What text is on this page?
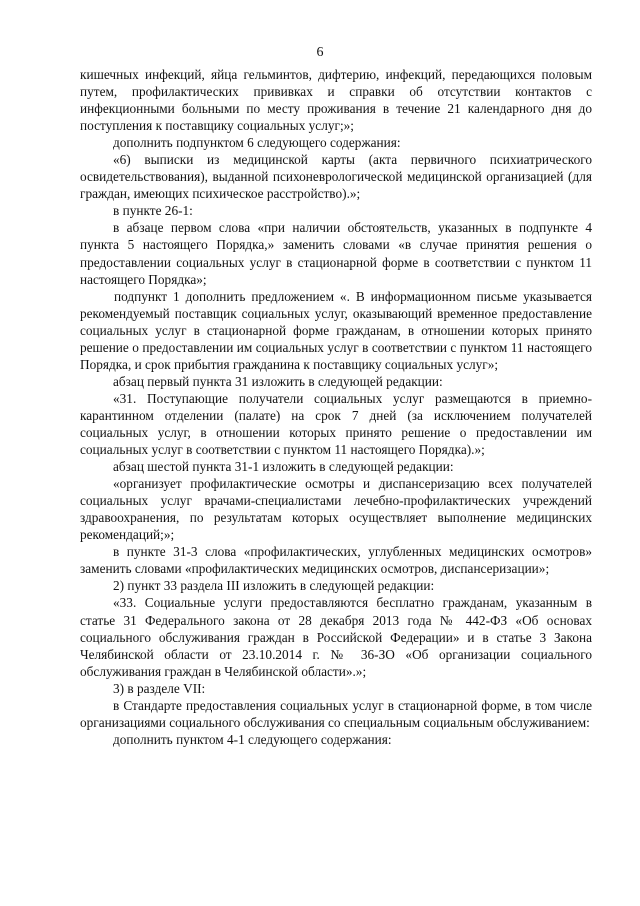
6

кишечных инфекций, яйца гельминтов, дифтерию, инфекций, передающихся половым путем, профилактических прививках и справки об отсутствии контактов с инфекционными больными по месту проживания в течение 21 календарного дня до поступления к поставщику социальных услуг;»;

дополнить подпунктом 6 следующего содержания:

«6) выписки из медицинской карты (акта первичного психиатрического освидетельствования), выданной психоневрологической медицинской организацией (для граждан, имеющих психическое расстройство).»;

в пункте 26-1:

в абзаце первом слова «при наличии обстоятельств, указанных в подпункте 4 пункта 5 настоящего Порядка,» заменить словами «в случае принятия решения о предоставлении социальных услуг в стационарной форме в соответствии с пунктом 11 настоящего Порядка»;

подпункт 1 дополнить предложением «. В информационном письме указывается рекомендуемый поставщик социальных услуг, оказывающий временное предоставление социальных услуг в стационарной форме гражданам, в отношении которых принято решение о предоставлении им социальных услуг в соответствии с пунктом 11 настоящего Порядка, и срок прибытия гражданина к поставщику социальных услуг»;

абзац первый пункта 31 изложить в следующей редакции:

«31. Поступающие получатели социальных услуг размещаются в приемно-карантинном отделении (палате) на срок 7 дней (за исключением получателей социальных услуг, в отношении которых принято решение о предоставлении им социальных услуг в соответствии с пунктом 11 настоящего Порядка).»;

абзац шестой пункта 31-1 изложить в следующей редакции:

«организует профилактические осмотры и диспансеризацию всех получателей социальных услуг врачами-специалистами лечебно-профилактических учреждений здравоохранения, по результатам которых осуществляет выполнение медицинских рекомендаций;»;

в пункте 31-3 слова «профилактических, углубленных медицинских осмотров» заменить словами «профилактических медицинских осмотров, диспансеризации»;

2) пункт 33 раздела III изложить в следующей редакции:

«33. Социальные услуги предоставляются бесплатно гражданам, указанным в статье 31 Федерального закона от 28 декабря 2013 года № 442-ФЗ «Об основах социального обслуживания граждан в Российской Федерации» и в статье 3 Закона Челябинской области от 23.10.2014 г. № 36-ЗО «Об организации социального обслуживания граждан в Челябинской области».»;

3) в разделе VII:

в Стандарте предоставления социальных услуг в стационарной форме, в том числе организациями социального обслуживания со специальным социальным обслуживанием:

дополнить пунктом 4-1 следующего содержания:
